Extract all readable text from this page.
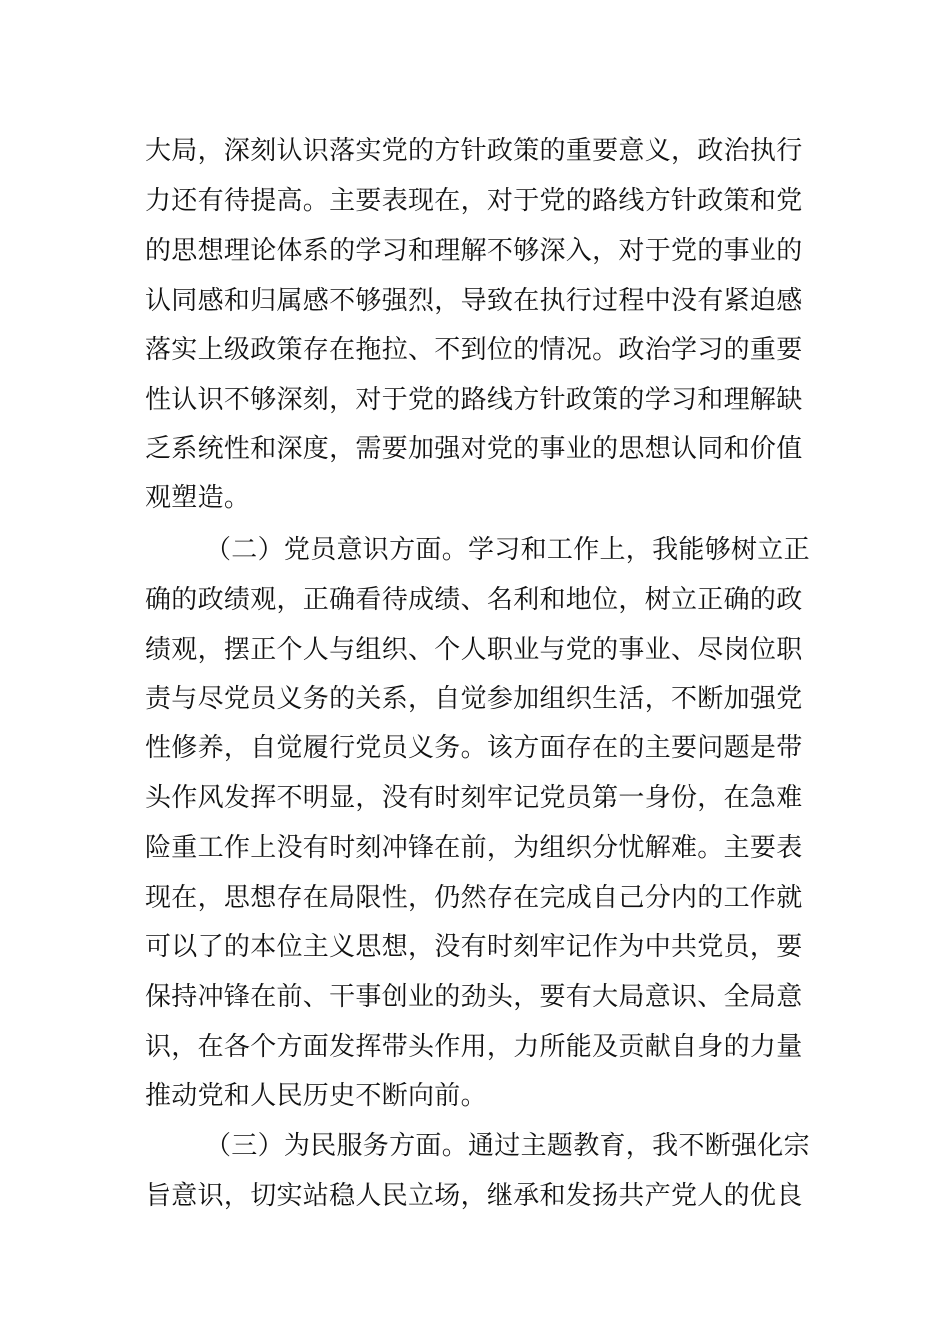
大局，深刻认识落实党的方针政策的重要意义，政治执行
力还有待提高。主要表现在，对于党的路线方针政策和党
的思想理论体系的学习和理解不够深入，对于党的事业的
认同感和归属感不够强烈，导致在执行过程中没有紧迫感
落实上级政策存在拖拉、不到位的情况。政治学习的重要
性认识不够深刻，对于党的路线方针政策的学习和理解缺
乏系统性和深度，需要加强对党的事业的思想认同和价值
观塑造。
（二）党员意识方面。学习和工作上，我能够树立正
确的政绩观，正确看待成绩、名利和地位，树立正确的政
绩观，摆正个人与组织、个人职业与党的事业、尽岗位职
责与尽党员义务的关系，自觉参加组织生活，不断加强党
性修养，自觉履行党员义务。该方面存在的主要问题是带
头作风发挥不明显，没有时刻牢记党员第一身份，在急难
险重工作上没有时刻冲锋在前，为组织分忧解难。主要表
现在，思想存在局限性，仍然存在完成自己分内的工作就
可以了的本位主义思想，没有时刻牢记作为中共党员，要
保持冲锋在前、干事创业的劲头，要有大局意识、全局意
识，在各个方面发挥带头作用，力所能及贡献自身的力量
推动党和人民历史不断向前。
（三）为民服务方面。通过主题教育，我不断强化宗
旨意识，切实站稳人民立场，继承和发扬共产党人的优良
